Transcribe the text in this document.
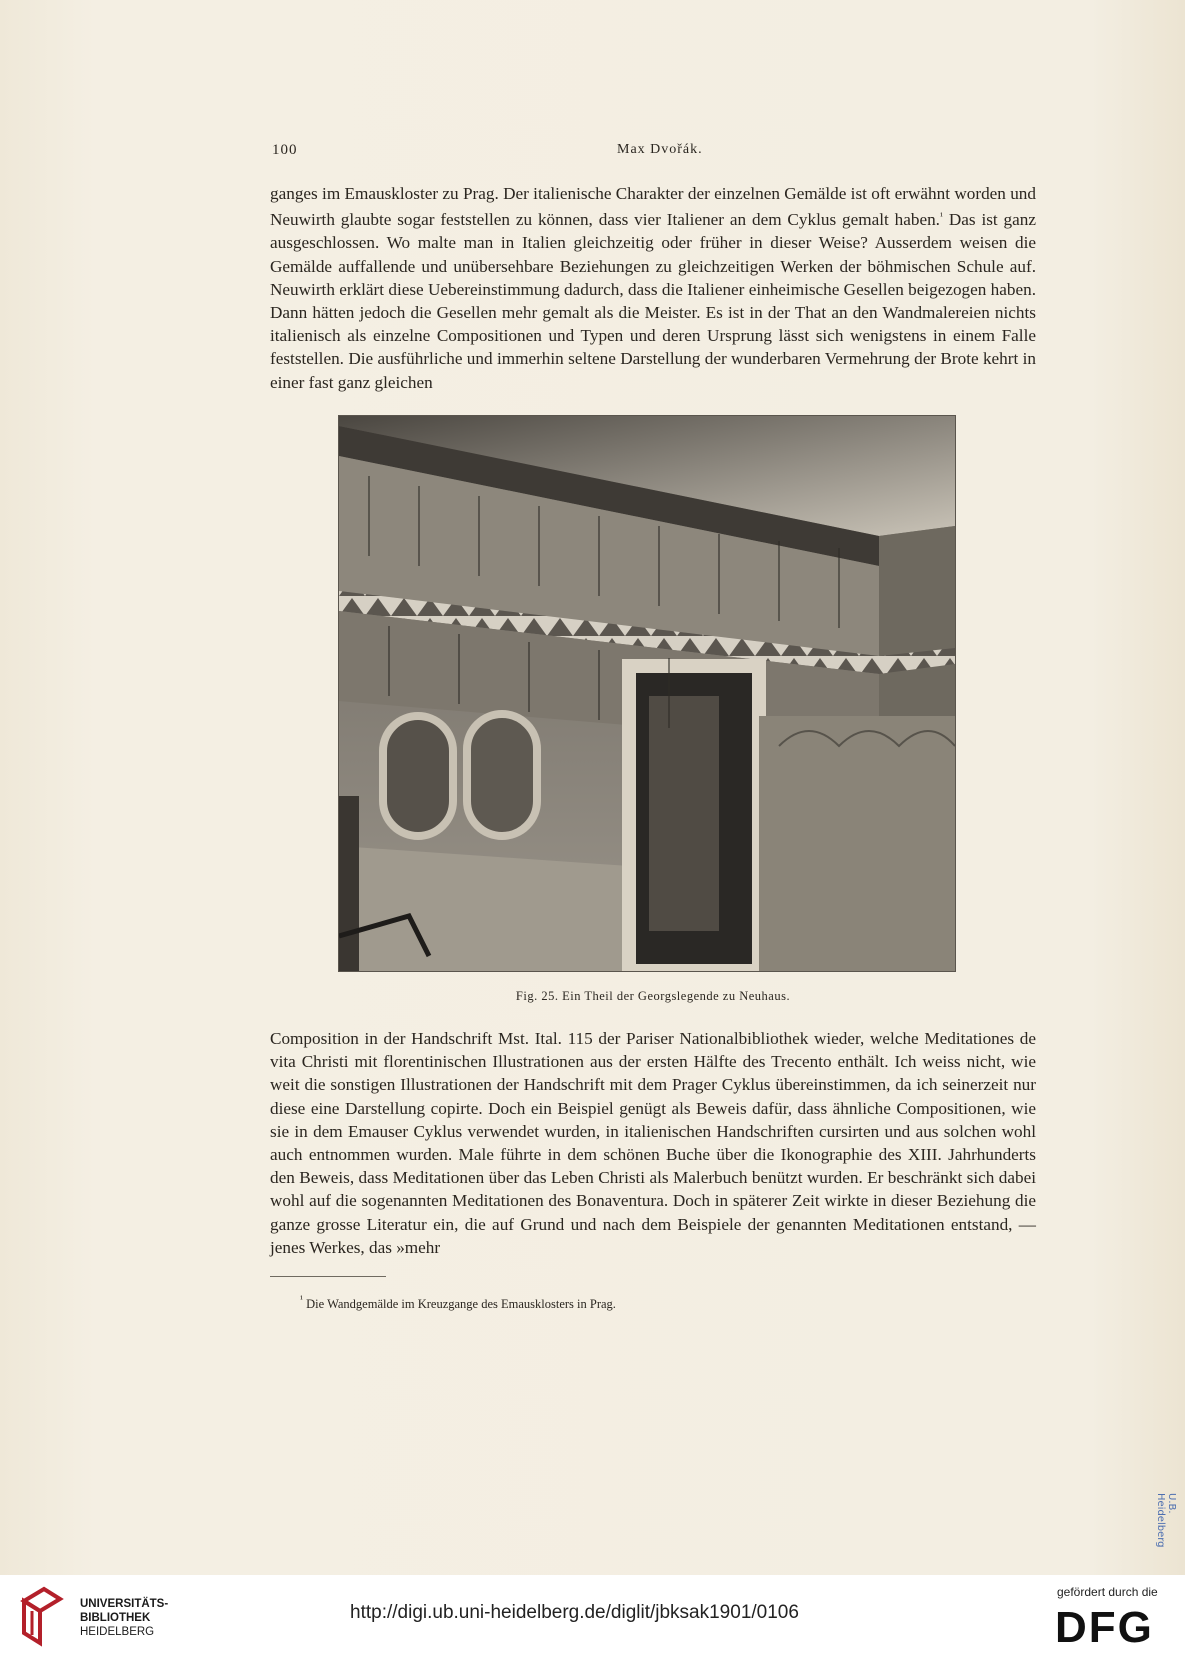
100	Max Dvořák.

ganges im Emauskloster zu Prag. Der italienische Charakter der einzelnen Gemälde ist oft erwähnt worden und Neuwirth glaubte sogar feststellen zu können, dass vier Italiener an dem Cyklus gemalt haben.$^{^1}$ Das ist ganz ausgeschlossen. Wo malte man in Italien gleichzeitig oder früher in dieser Weise? Ausserdem weisen die Gemälde auffallende und unübersehbare Beziehungen zu gleichzeitigen Werken der böhmischen Schule auf. Neuwirth erklärt diese Uebereinstimmung dadurch, dass die Italiener einheimische Gesellen beigezogen haben. Dann hätten jedoch die Gesellen mehr gemalt als die Meister. Es ist in der That an den Wandmalereien nichts italienisch als einzelne Compositionen und Typen und deren Ursprung lässt sich wenigstens in einem Falle feststellen. Die ausführliche und immerhin seltene Darstellung der wunderbaren Vermehrung der Brote kehrt in einer fast ganz gleichen

Fig. 25. Ein Theil der Georgslegende zu Neuhaus.

Composition in der Handschrift Mst. Ital. 115 der Pariser Nationalbibliothek wieder, welche Meditationes de vita Christi mit florentinischen Illustrationen aus der ersten Hälfte des Trecento enthält. Ich weiss nicht, wie weit die sonstigen Illustrationen der Handschrift mit dem Prager Cyklus übereinstimmen, da ich seinerzeit nur diese eine Darstellung copirte. Doch ein Beispiel genügt als Beweis dafür, dass ähnliche Compositionen, wie sie in dem Emauser Cyklus verwendet wurden, in italienischen Handschriften cursirten und aus solchen wohl auch entnommen wurden. Male führte in dem schönen Buche über die Ikonographie des XIII. Jahrhunderts den Beweis, dass Meditationen über das Leben Christi als Malerbuch benützt wurden. Er beschränkt sich dabei wohl auf die sogenannten Meditationen des Bonaventura. Doch in späterer Zeit wirkte in dieser Beziehung die ganze grosse Literatur ein, die auf Grund und nach dem Beispiele der genannten Meditationen entstand, — jenes Werkes, das »mehr

$^{^1}$ Die Wandgemälde im Kreuzgange des Emausklosters in Prag.
U.B. Heidelberg
UNIVERSITÄTS-
BIBLIOTHEK
HEIDELBERG
http://digi.ub.uni-heidelberg.de/diglit/jbksak1901/0106
gefördert durch die
DFG
